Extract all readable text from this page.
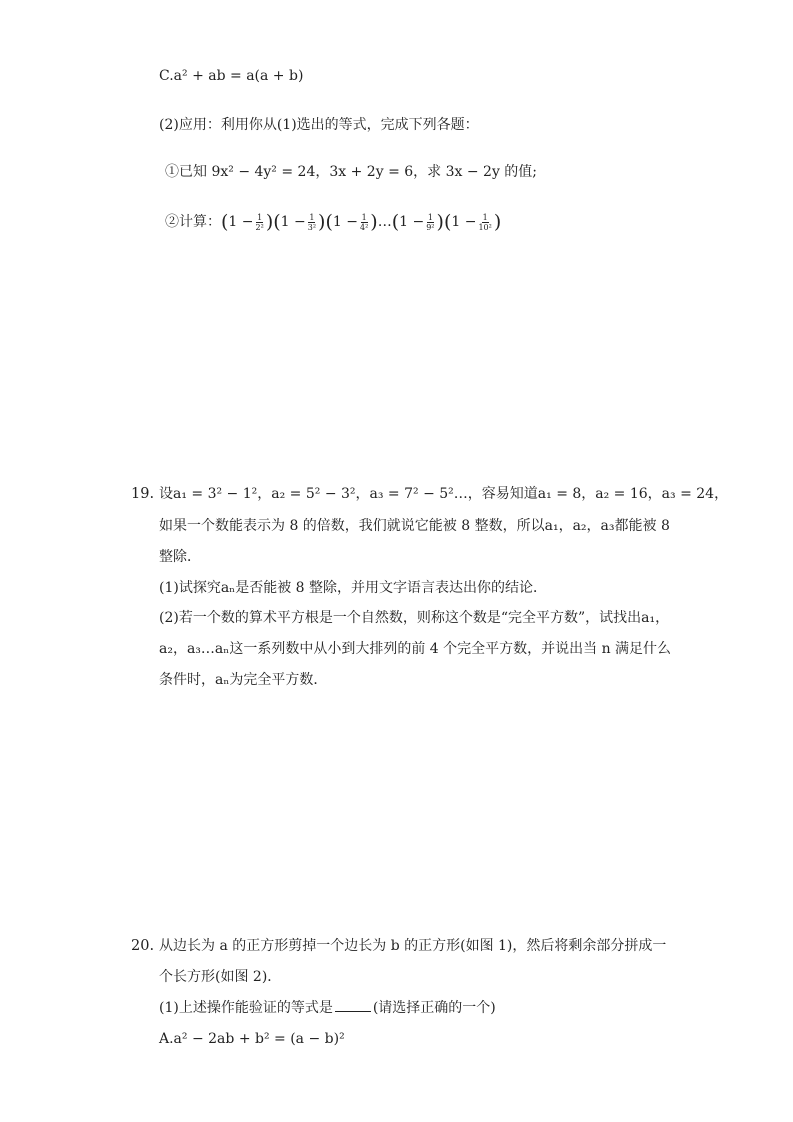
C.a² + ab = a(a + b)
(2)应用：利用你从(1)选出的等式，完成下列各题：
①已知 9x² − 4y² = 24，3x + 2y = 6，求 3x − 2y 的值;
②计算：$(1 - \frac{1}{\text{2²}} )(1 - \frac{1}{\text{3²}} )(1 - \frac{1}{\text{4²}}$ )…(1 − $\frac{1}{\text{9²}} )(1 - \frac{1}{\text{10²}}$ )
19. 设a₁ = 3² − 1²，a₂ = 5² − 3²，a₃ = 7² − 5²…，容易知道a₁ = 8，a₂ = 16，a₃ = 24，
如果一个数能表示为 8 的倍数，我们就说它能被 8 整数，所以a₁，a₂，a₃都能被 8
整除．
(1)试探究aₙ是否能被 8 整除，并用文字语言表达出你的结论．
(2)若一个数的算术平方根是一个自然数，则称这个数是“完全平方数”，试找出a₁，
a₂，a₃…aₙ这一系列数中从小到大排列的前 4 个完全平方数，并说出当 n 满足什么
条件时，aₙ为完全平方数．
20. 从边长为 a 的正方形剪掉一个边长为 b 的正方形(如图 1)，然后将剩余部分拼成一
个长方形(如图 2)．
(1)上述操作能验证的等式是	(请选择正确的一个)
A.a² − 2ab + b² = (a − b)²
